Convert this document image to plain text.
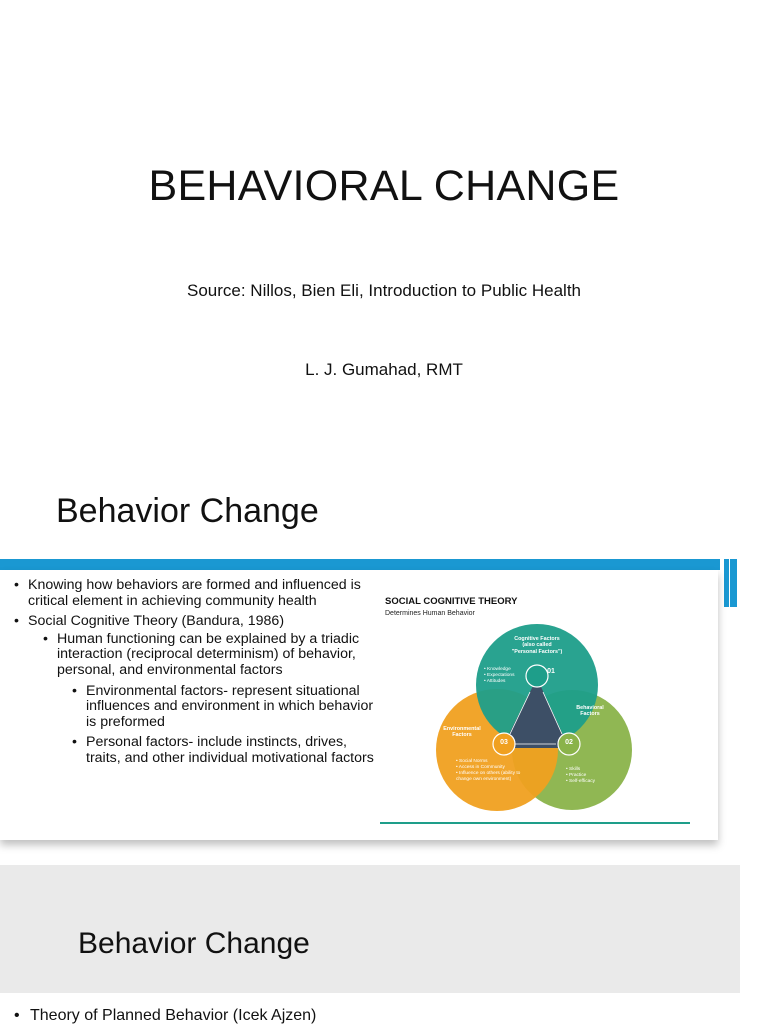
BEHAVIORAL CHANGE
Source: Nillos, Bien Eli, Introduction to Public Health
L. J. Gumahad, RMT
Behavior Change
• Knowing how behaviors are formed and influenced is critical element in achieving community health
• Social Cognitive Theory (Bandura, 1986)
• Human functioning can be explained by a triadic interaction (reciprocal determinism) of behavior, personal, and environmental factors
• Environmental factors- represent situational influences and environment in which behavior is preformed
• Personal factors- include instincts, drives, traits, and other individual motivational factors
SOCIAL COGNITIVE THEORY
Determines Human Behavior
01
02
03
Cognitive Factors (also called "Personal Factors")
Behavioral Factors
Environmental Factors
• Knowledge
• Expectations
• Attitudes
• Skills
• Practice
• Self-efficacy
• Social Norms
• Access in Community
• Influence on others (ability to change own environment)
Behavior Change
• Theory of Planned Behavior (Icek Ajzen)
